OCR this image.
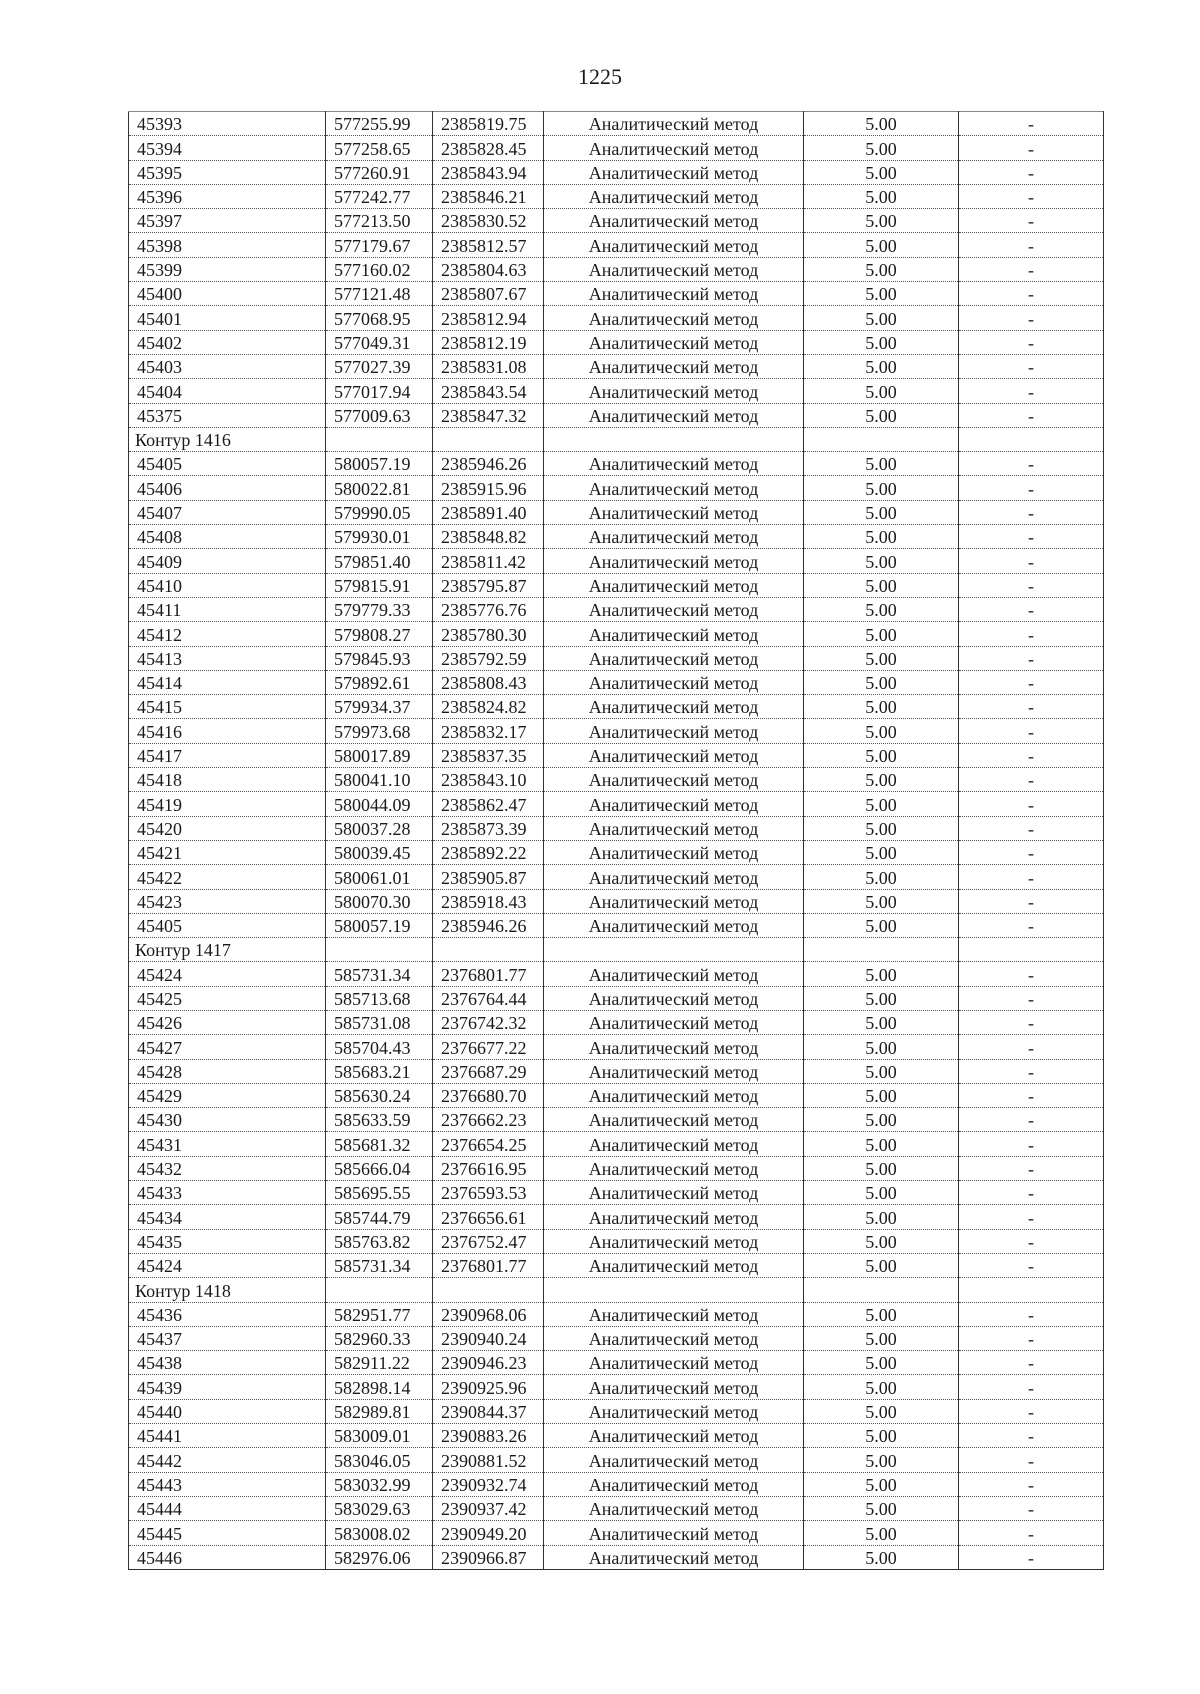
1225
45393	577255.99	2385819.75	Аналитический метод	5.00	-
45394	577258.65	2385828.45	Аналитический метод	5.00	-
45395	577260.91	2385843.94	Аналитический метод	5.00	-
45396	577242.77	2385846.21	Аналитический метод	5.00	-
45397	577213.50	2385830.52	Аналитический метод	5.00	-
45398	577179.67	2385812.57	Аналитический метод	5.00	-
45399	577160.02	2385804.63	Аналитический метод	5.00	-
45400	577121.48	2385807.67	Аналитический метод	5.00	-
45401	577068.95	2385812.94	Аналитический метод	5.00	-
45402	577049.31	2385812.19	Аналитический метод	5.00	-
45403	577027.39	2385831.08	Аналитический метод	5.00	-
45404	577017.94	2385843.54	Аналитический метод	5.00	-
45375	577009.63	2385847.32	Аналитический метод	5.00	-
Контур 1416					
45405	580057.19	2385946.26	Аналитический метод	5.00	-
45406	580022.81	2385915.96	Аналитический метод	5.00	-
45407	579990.05	2385891.40	Аналитический метод	5.00	-
45408	579930.01	2385848.82	Аналитический метод	5.00	-
45409	579851.40	2385811.42	Аналитический метод	5.00	-
45410	579815.91	2385795.87	Аналитический метод	5.00	-
45411	579779.33	2385776.76	Аналитический метод	5.00	-
45412	579808.27	2385780.30	Аналитический метод	5.00	-
45413	579845.93	2385792.59	Аналитический метод	5.00	-
45414	579892.61	2385808.43	Аналитический метод	5.00	-
45415	579934.37	2385824.82	Аналитический метод	5.00	-
45416	579973.68	2385832.17	Аналитический метод	5.00	-
45417	580017.89	2385837.35	Аналитический метод	5.00	-
45418	580041.10	2385843.10	Аналитический метод	5.00	-
45419	580044.09	2385862.47	Аналитический метод	5.00	-
45420	580037.28	2385873.39	Аналитический метод	5.00	-
45421	580039.45	2385892.22	Аналитический метод	5.00	-
45422	580061.01	2385905.87	Аналитический метод	5.00	-
45423	580070.30	2385918.43	Аналитический метод	5.00	-
45405	580057.19	2385946.26	Аналитический метод	5.00	-
Контур 1417					
45424	585731.34	2376801.77	Аналитический метод	5.00	-
45425	585713.68	2376764.44	Аналитический метод	5.00	-
45426	585731.08	2376742.32	Аналитический метод	5.00	-
45427	585704.43	2376677.22	Аналитический метод	5.00	-
45428	585683.21	2376687.29	Аналитический метод	5.00	-
45429	585630.24	2376680.70	Аналитический метод	5.00	-
45430	585633.59	2376662.23	Аналитический метод	5.00	-
45431	585681.32	2376654.25	Аналитический метод	5.00	-
45432	585666.04	2376616.95	Аналитический метод	5.00	-
45433	585695.55	2376593.53	Аналитический метод	5.00	-
45434	585744.79	2376656.61	Аналитический метод	5.00	-
45435	585763.82	2376752.47	Аналитический метод	5.00	-
45424	585731.34	2376801.77	Аналитический метод	5.00	-
Контур 1418					
45436	582951.77	2390968.06	Аналитический метод	5.00	-
45437	582960.33	2390940.24	Аналитический метод	5.00	-
45438	582911.22	2390946.23	Аналитический метод	5.00	-
45439	582898.14	2390925.96	Аналитический метод	5.00	-
45440	582989.81	2390844.37	Аналитический метод	5.00	-
45441	583009.01	2390883.26	Аналитический метод	5.00	-
45442	583046.05	2390881.52	Аналитический метод	5.00	-
45443	583032.99	2390932.74	Аналитический метод	5.00	-
45444	583029.63	2390937.42	Аналитический метод	5.00	-
45445	583008.02	2390949.20	Аналитический метод	5.00	-
45446	582976.06	2390966.87	Аналитический метод	5.00	-
